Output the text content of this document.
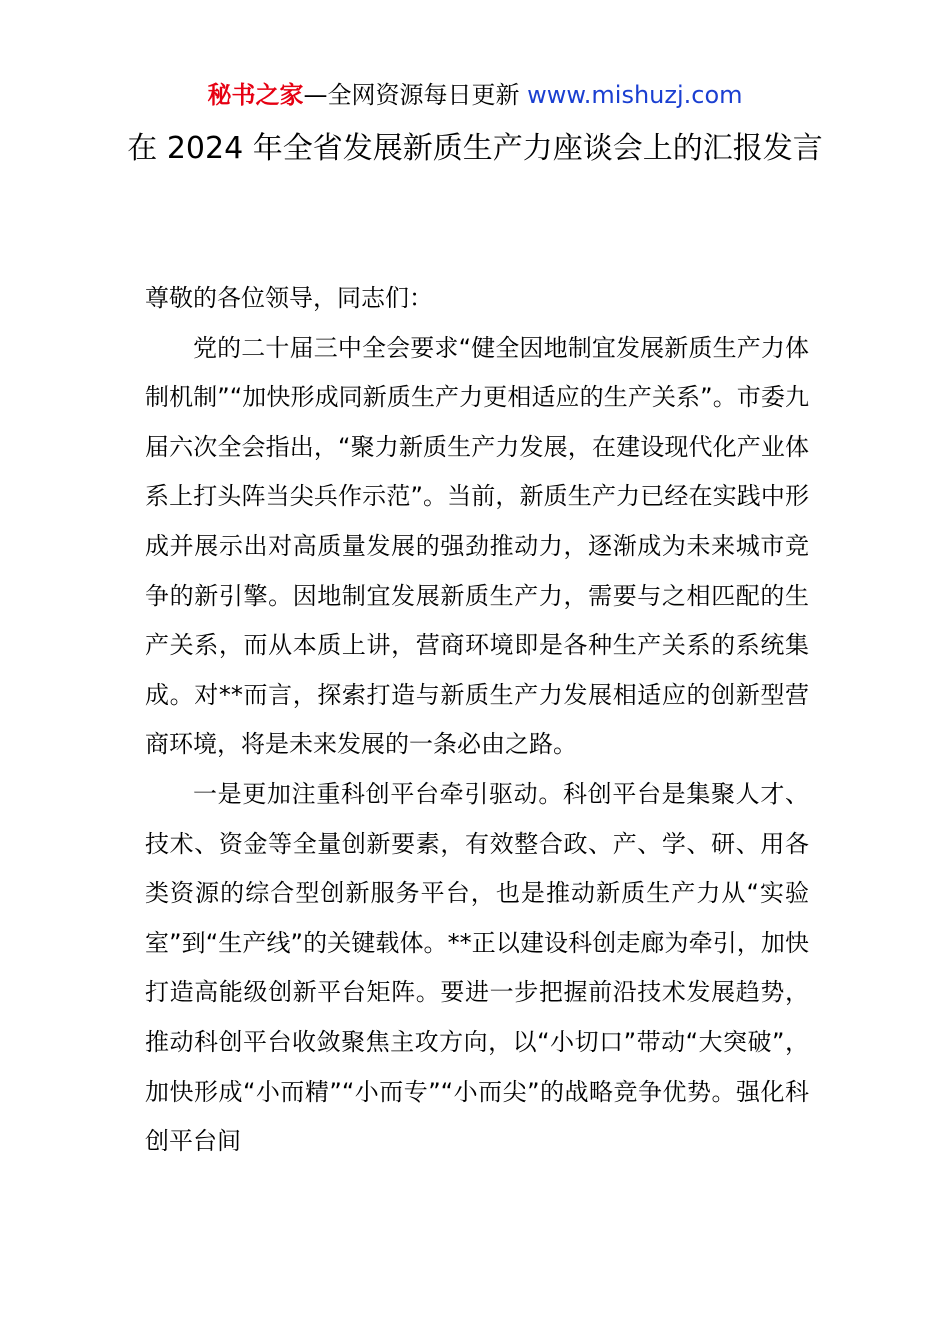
秘书之家—全网资源每日更新 www.mishuzj.com
在 2024 年全省发展新质生产力座谈会上的汇报发言

尊敬的各位领导，同志们：

党的二十届三中全会要求“健全因地制宜发展新质生产力体制机制”“加快形成同新质生产力更相适应的生产关系”。市委九届六次全会指出，“聚力新质生产力发展，在建设现代化产业体系上打头阵当尖兵作示范”。当前，新质生产力已经在实践中形成并展示出对高质量发展的强劲推动力，逐渐成为未来城市竞争的新引擎。因地制宜发展新质生产力，需要与之相匹配的生产关系，而从本质上讲，营商环境即是各种生产关系的系统集成。对**而言，探索打造与新质生产力发展相适应的创新型营商环境，将是未来发展的一条必由之路。

一是更加注重科创平台牵引驱动。科创平台是集聚人才、技术、资金等全量创新要素，有效整合政、产、学、研、用各类资源的综合型创新服务平台，也是推动新质生产力从“实验室”到“生产线”的关键载体。**正以建设科创走廊为牵引，加快打造高能级创新平台矩阵。要进一步把握前沿技术发展趋势，推动科创平台收敛聚焦主攻方向，以“小切口”带动“大突破”，加快形成“小而精”“小而专”“小而尖”的战略竞争优势。强化科创平台间
